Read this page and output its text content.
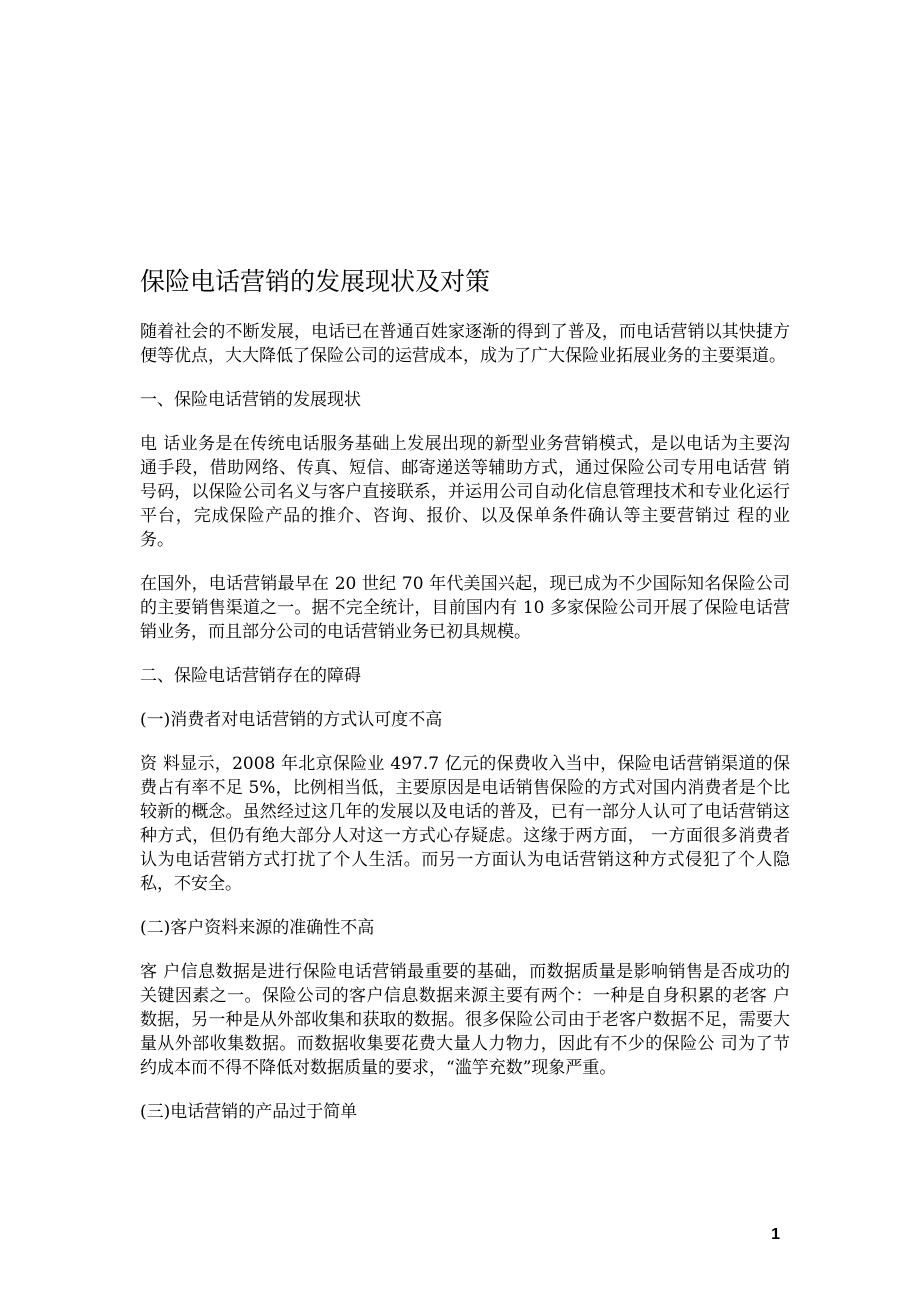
保险电话营销的发展现状及对策

随着社会的不断发展，电话已在普通百姓家逐渐的得到了普及，而电话营销以其快捷方便等优点，大大降低了保险公司的运营成本，成为了广大保险业拓展业务的主要渠道。

一、保险电话营销的发展现状

电 话业务是在传统电话服务基础上发展出现的新型业务营销模式，是以电话为主要沟通手段，借助网络、传真、短信、邮寄递送等辅助方式，通过保险公司专用电话营 销号码，以保险公司名义与客户直接联系，并运用公司自动化信息管理技术和专业化运行平台，完成保险产品的推介、咨询、报价、以及保单条件确认等主要营销过 程的业务。

在国外，电话营销最早在 20 世纪 70 年代美国兴起，现已成为不少国际知名保险公司的主要销售渠道之一。据不完全统计，目前国内有 10 多家保险公司开展了保险电话营销业务，而且部分公司的电话营销业务已初具规模。

二、保险电话营销存在的障碍

(一)消费者对电话营销的方式认可度不高

资 料显示，2008 年北京保险业 497.7 亿元的保费收入当中，保险电话营销渠道的保费占有率不足 5%，比例相当低，主要原因是电话销售保险的方式对国内消费者是个比较新的概念。虽然经过这几年的发展以及电话的普及，已有一部分人认可了电话营销这种方式，但仍有绝大部分人对这一方式心存疑虑。这缘于两方面， 一方面很多消费者认为电话营销方式打扰了个人生活。而另一方面认为电话营销这种方式侵犯了个人隐私，不安全。

(二)客户资料来源的准确性不高

客 户信息数据是进行保险电话营销最重要的基础，而数据质量是影响销售是否成功的关键因素之一。保险公司的客户信息数据来源主要有两个：一种是自身积累的老客 户数据，另一种是从外部收集和获取的数据。很多保险公司由于老客户数据不足，需要大量从外部收集数据。而数据收集要花费大量人力物力，因此有不少的保险公 司为了节约成本而不得不降低对数据质量的要求，“滥竽充数”现象严重。

(三)电话营销的产品过于简单

1
